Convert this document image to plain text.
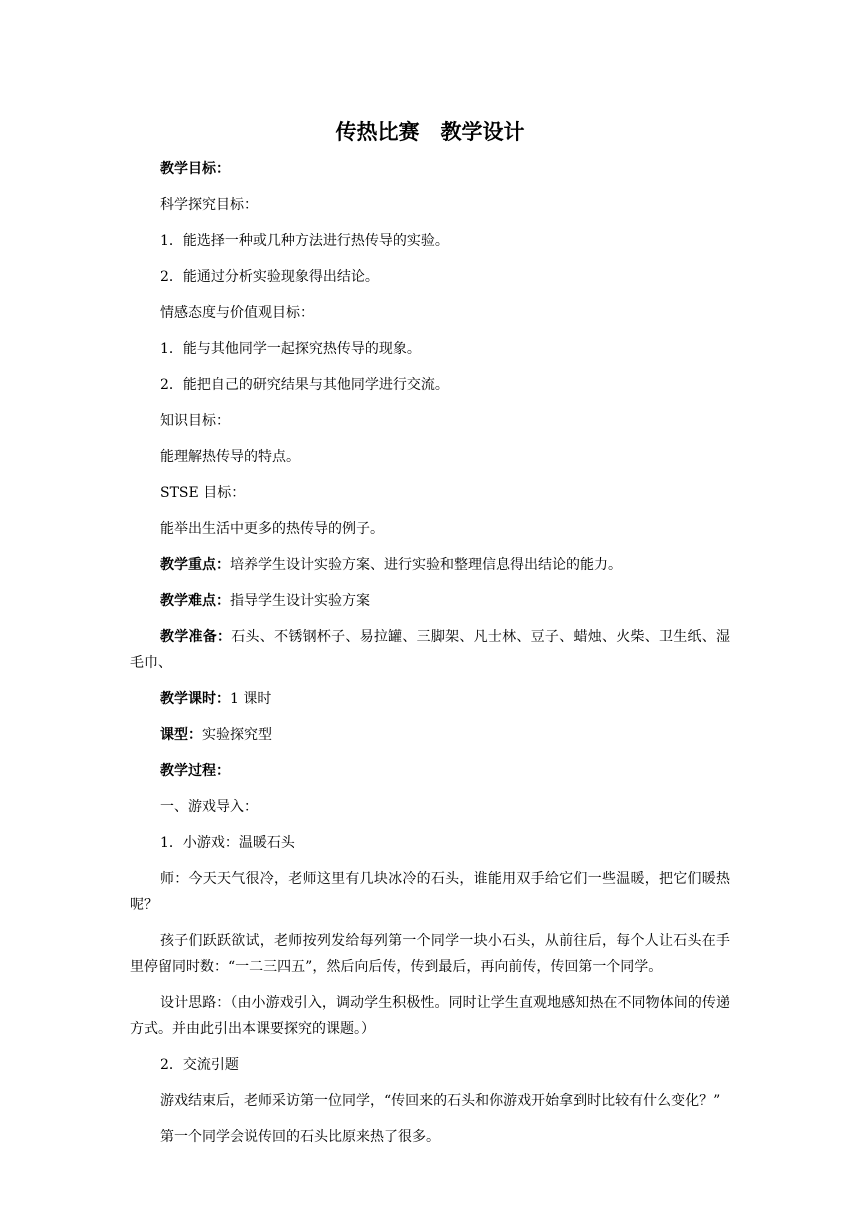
传热比赛　教学设计

教学目标：

科学探究目标：

1．能选择一种或几种方法进行热传导的实验。

2．能通过分析实验现象得出结论。

情感态度与价值观目标：

1．能与其他同学一起探究热传导的现象。

2．能把自己的研究结果与其他同学进行交流。

知识目标：

能理解热传导的特点。

STSE 目标：

能举出生活中更多的热传导的例子。

教学重点：培养学生设计实验方案、进行实验和整理信息得出结论的能力。

教学难点：指导学生设计实验方案

教学准备：石头、不锈钢杯子、易拉罐、三脚架、凡士林、豆子、蜡烛、火柴、卫生纸、湿毛巾、

教学课时：1 课时

课型：实验探究型

教学过程：

一、游戏导入：

1．小游戏：温暖石头

师：今天天气很冷，老师这里有几块冰冷的石头，谁能用双手给它们一些温暖，把它们暖热呢？

孩子们跃跃欲试，老师按列发给每列第一个同学一块小石头，从前往后，每个人让石头在手里停留同时数：“一二三四五”，然后向后传，传到最后，再向前传，传回第一个同学。

设计思路：（由小游戏引入，调动学生积极性。同时让学生直观地感知热在不同物体间的传递方式。并由此引出本课要探究的课题。）

2．交流引题

游戏结束后，老师采访第一位同学，“传回来的石头和你游戏开始拿到时比较有什么变化？”

第一个同学会说传回的石头比原来热了很多。
